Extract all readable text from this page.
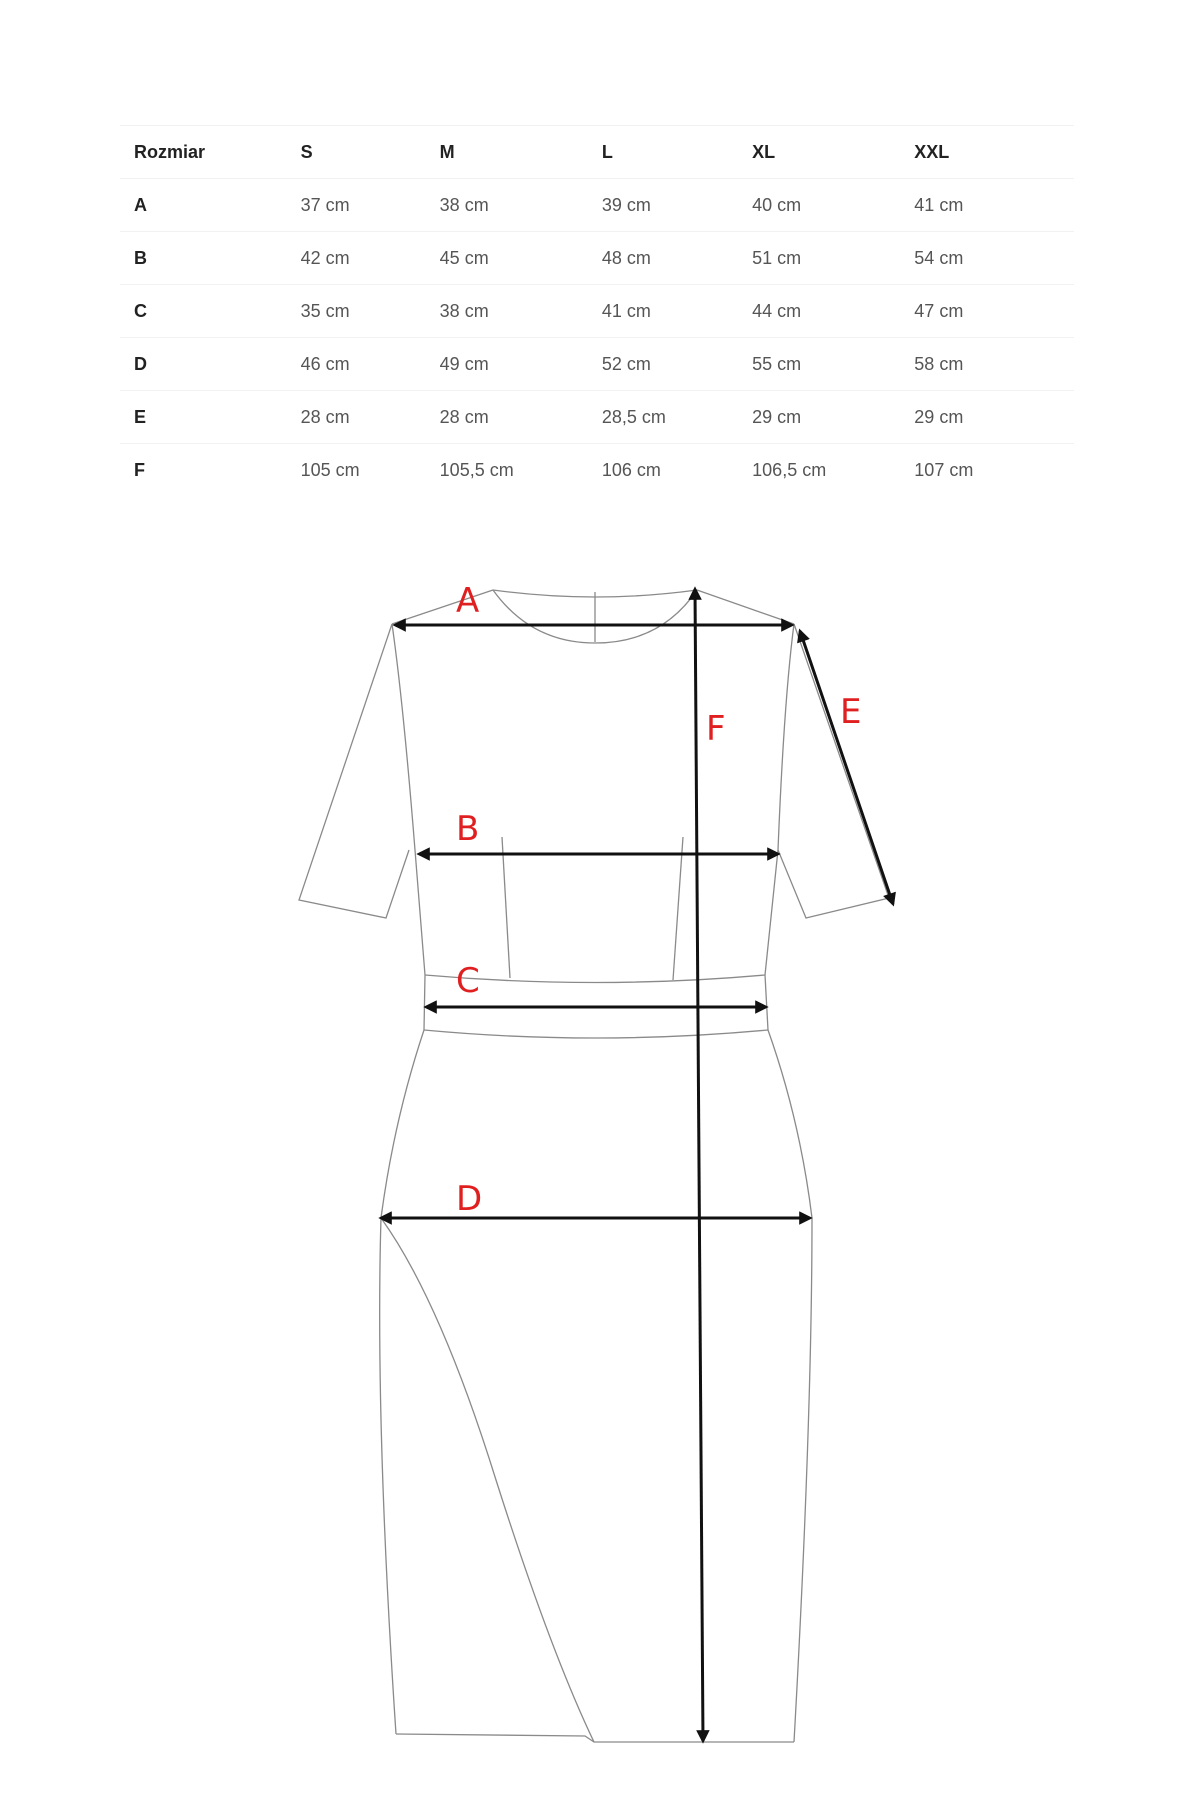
Rozmiar	S	M	L	XL	XXL
A	37 cm	38 cm	39 cm	40 cm	41 cm
B	42 cm	45 cm	48 cm	51 cm	54 cm
C	35 cm	38 cm	41 cm	44 cm	47 cm
D	46 cm	49 cm	52 cm	55 cm	58 cm
E	28 cm	28 cm	28,5 cm	29 cm	29 cm
F	105 cm	105,5 cm	106 cm	106,5 cm	107 cm
A
B
C
D
E
F
